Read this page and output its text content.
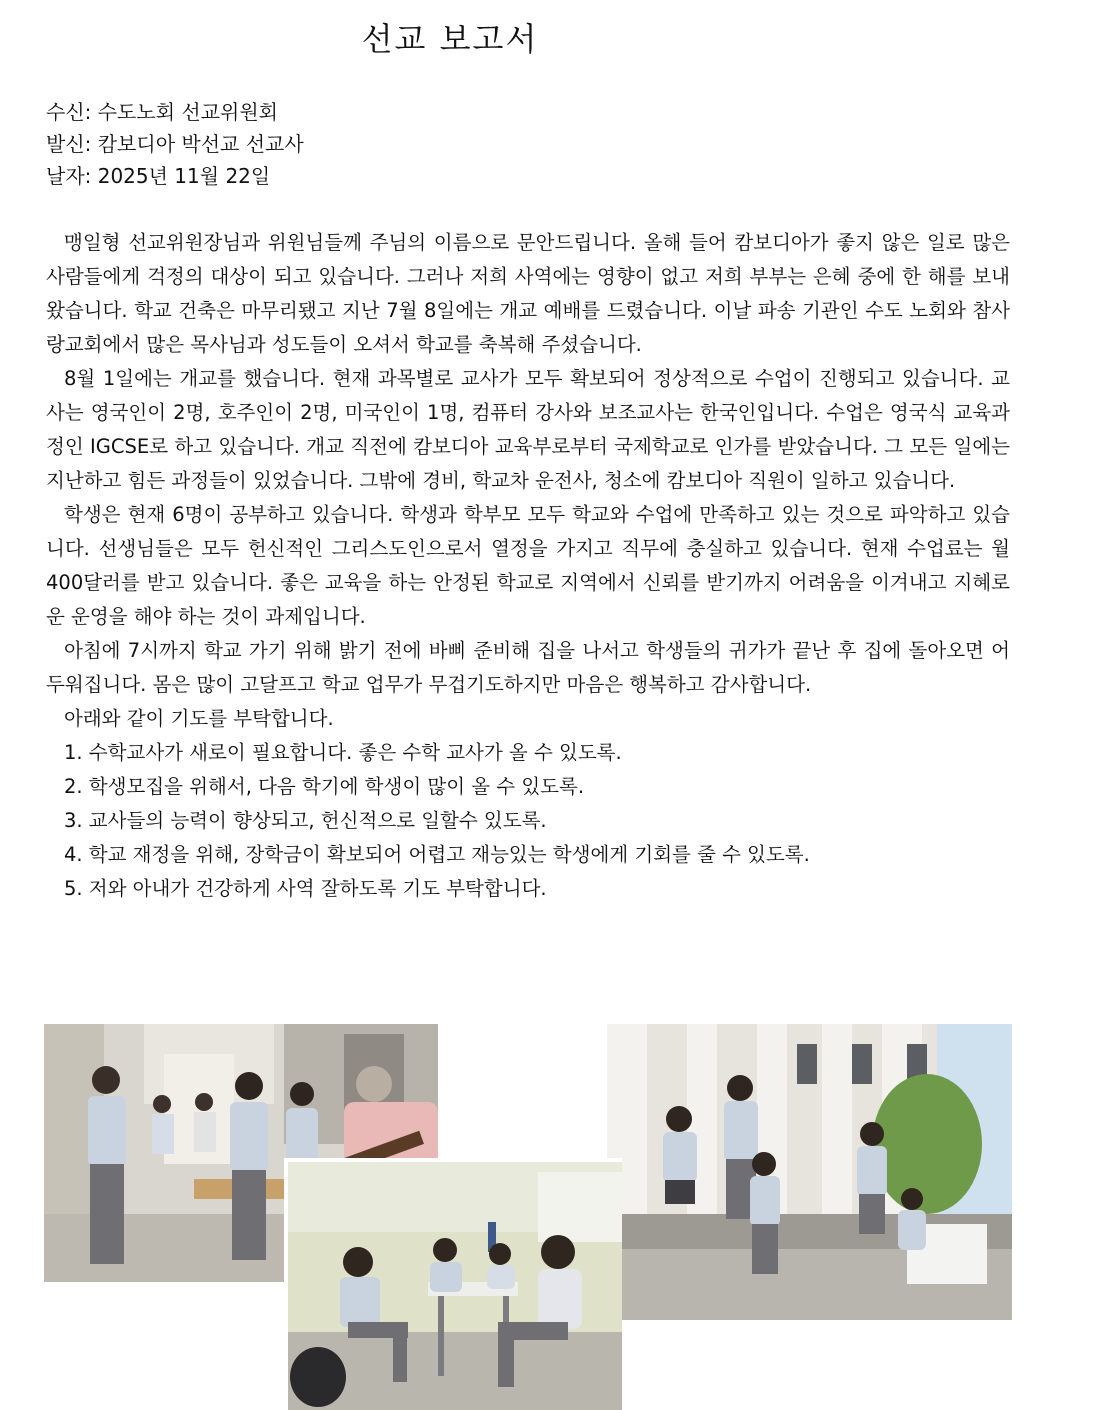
선교 보고서
수신: 수도노회 선교위원회
발신: 캄보디아 박선교 선교사
날자: 2025년 11월 22일

맹일형 선교위원장님과 위원님들께 주님의 이름으로 문안드립니다. 올해 들어 캄보디아가 좋지 않은 일로 많은 사람들에게 걱정의 대상이 되고 있습니다. 그러나 저희 사역에는 영향이 없고 저희 부부는 은혜 중에 한 해를 보내왔습니다. 학교 건축은 마무리됐고 지난 7월 8일에는 개교 예배를 드렸습니다. 이날 파송 기관인 수도 노회와 참사랑교회에서 많은 목사님과 성도들이 오셔서 학교를 축복해 주셨습니다.

8월 1일에는 개교를 했습니다. 현재 과목별로 교사가 모두 확보되어 정상적으로 수업이 진행되고 있습니다. 교사는 영국인이 2명, 호주인이 2명, 미국인이 1명, 컴퓨터 강사와 보조교사는 한국인입니다. 수업은 영국식 교육과정인 IGCSE로 하고 있습니다. 개교 직전에 캄보디아 교육부로부터 국제학교로 인가를 받았습니다. 그 모든 일에는 지난하고 힘든 과정들이 있었습니다. 그밖에 경비, 학교차 운전사, 청소에 캄보디아 직원이 일하고 있습니다.

학생은 현재 6명이 공부하고 있습니다. 학생과 학부모 모두 학교와 수업에 만족하고 있는 것으로 파악하고 있습니다. 선생님들은 모두 헌신적인 그리스도인으로서 열정을 가지고 직무에 충실하고 있습니다. 현재 수업료는 월 400달러를 받고 있습니다. 좋은 교육을 하는 안정된 학교로 지역에서 신뢰를 받기까지 어려움을 이겨내고 지혜로운 운영을 해야 하는 것이 과제입니다.

아침에 7시까지 학교 가기 위해 밝기 전에 바삐 준비해 집을 나서고 학생들의 귀가가 끝난 후 집에 돌아오면 어두워집니다. 몸은 많이 고달프고 학교 업무가 무겁기도하지만 마음은 행복하고 감사합니다.

아래와 같이 기도를 부탁합니다.

1. 수학교사가 새로이 필요합니다. 좋은 수학 교사가 올 수 있도록.
2. 학생모집을 위해서, 다음 학기에 학생이 많이 올 수 있도록.
3. 교사들의 능력이 향상되고, 헌신적으로 일할수 있도록.
4. 학교 재정을 위해, 장학금이 확보되어 어렵고 재능있는 학생에게 기회를 줄 수 있도록.
5. 저와 아내가 건강하게 사역 잘하도록 기도 부탁합니다.
